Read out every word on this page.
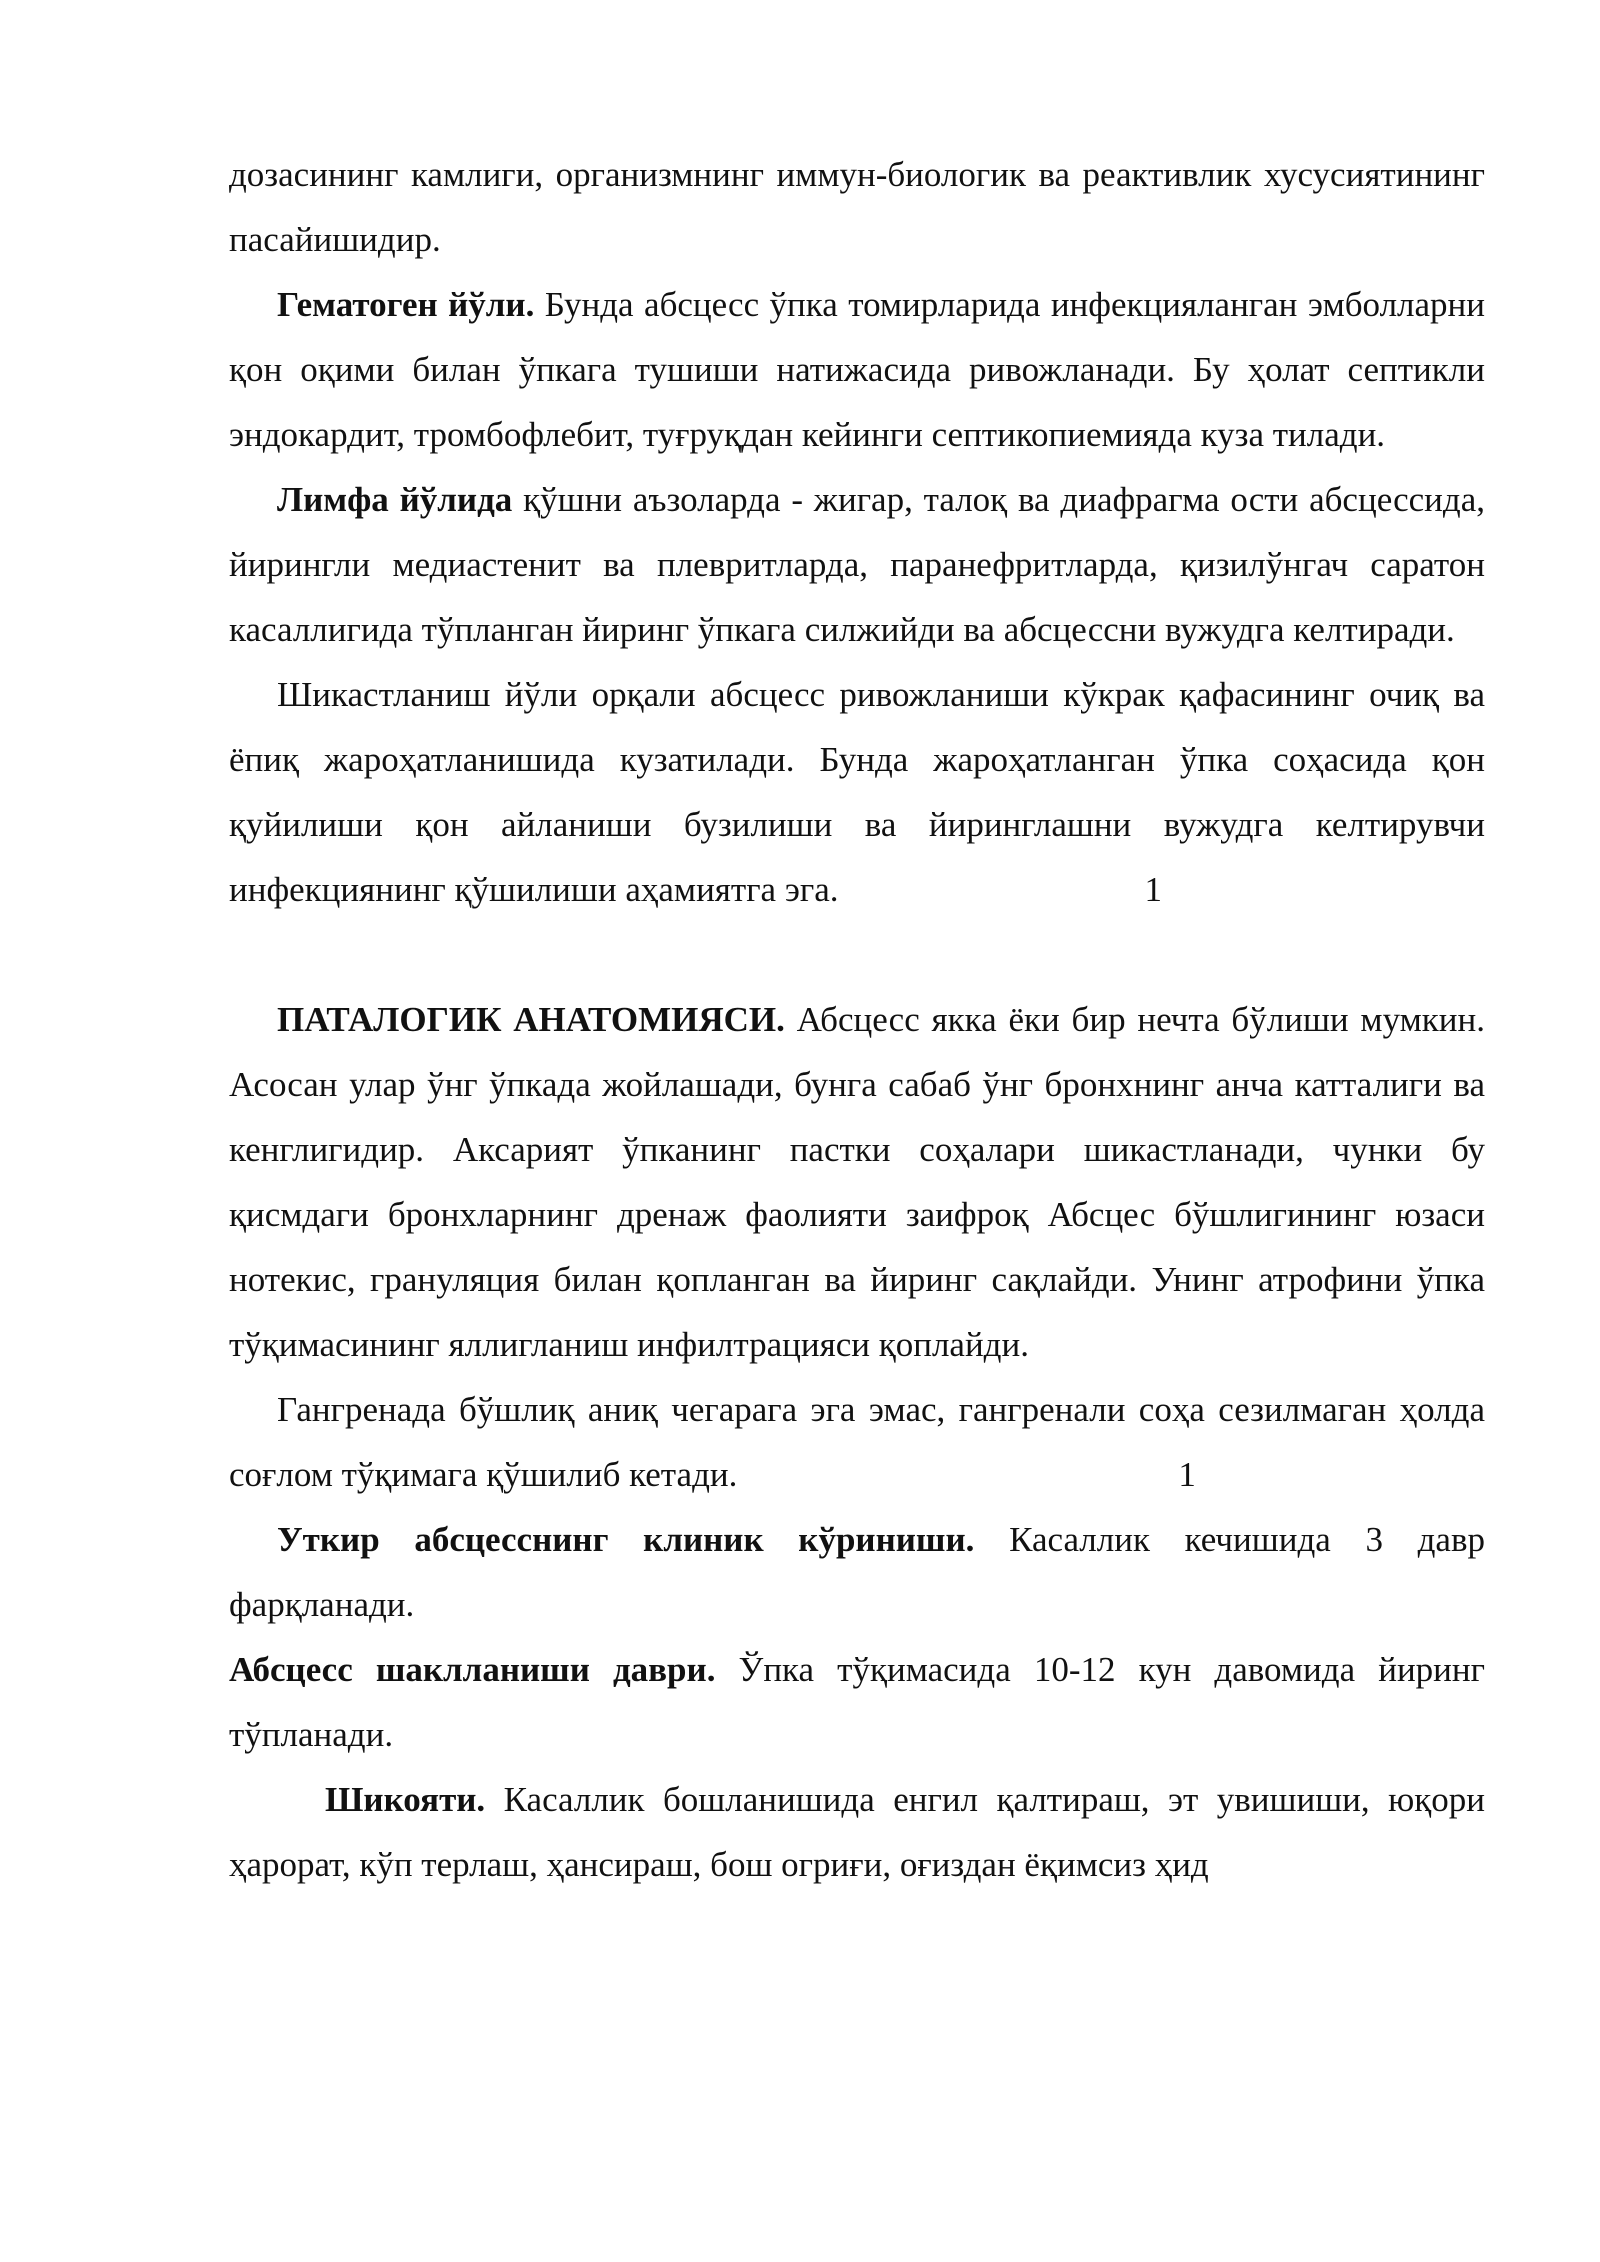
дозасининг камлиги, организмнинг иммун-биологик ва реактивлик хусусиятининг пасайишидир.

Гематоген йўли. Бунда абсцесс ўпка томирларида инфекцияланган эмболларни қон оқими билан ўпкага тушиши натижасида ривожланади. Бу ҳолат септикли эндокардит, тромбофлебит, туғруқдан кейинги септикопиемияда куза тилади.

Лимфа йўлида қўшни аъзоларда - жигар, талоқ ва диафрагма ости абсцессида, йирингли медиастенит ва плевритларда, паранефритларда, қизилўнгач саратон касаллигида тўпланган йиринг ўпкага силжийди ва абсцессни вужудга келтиради.

Шикастланиш йўли орқали абсцесс ривожланиши кўкрак қафасининг очиқ ва ёпиқ жароҳатланишида кузатилади. Бунда жароҳатланган ўпка соҳасида қон қуйилиши қон айланиши бузилиши ва йиринглашни вужудга келтирувчи инфекциянинг қўшилиши аҳамиятга эга.	1

ПАТАЛОГИК АНАТОМИЯСИ. Абсцесс якка ёки бир нечта бўлиши мумкин. Асосан улар ўнг ўпкада жойлашади, бунга сабаб ўнг бронхнинг анча катталиги ва кенглигидир. Аксарият ўпканинг пастки соҳалари шикастланади, чунки бу қисмдаги бронхларнинг дренаж фаолияти заифроқ Абсцес бўшлигининг юзаси нотекис, грануляция билан қопланган ва йиринг сақлайди. Унинг атрофини ўпка тўқимасининг яллигланиш инфилтрацияси қоплайди.

Гангренада бўшлиқ аниқ чегарага эга эмас, гангренали соҳа сезилмаган ҳолда соғлом тўқимага қўшилиб кетади.	1

Уткир абсцесснинг клиник кўриниши. Касаллик кечишида 3 давр фарқланади.

Абсцесс шаклланиши даври. Ўпка тўқимасида 10-12 кун давомида йиринг тўпланади.

Шикояти. Касаллик бошланишида енгил қалтираш, эт увишиши, юқори ҳарорат, кўп терлаш, ҳансираш, бош огриғи, оғиздан ёқимсиз ҳид
